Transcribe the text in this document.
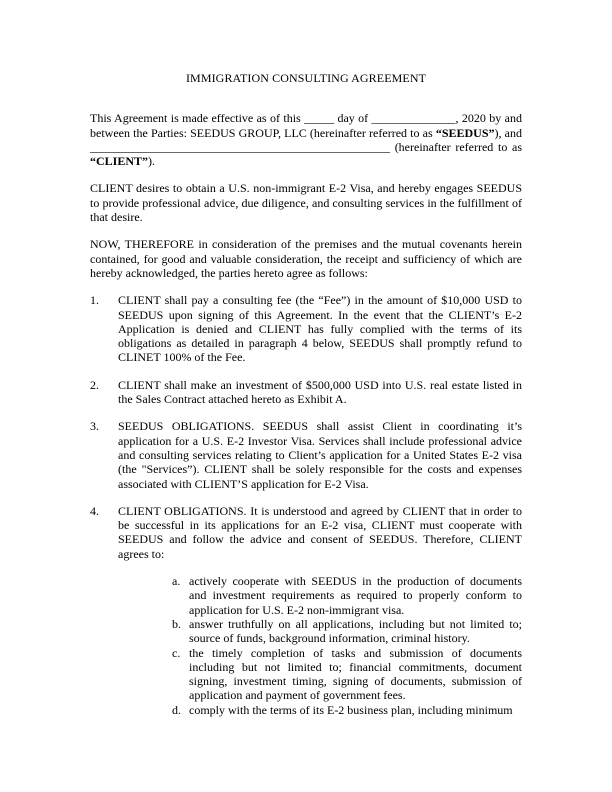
IMMIGRATION CONSULTING AGREEMENT

This Agreement is made effective as of this _____ day of ______________, 2020 by and between the Parties: SEEDUS GROUP, LLC (hereinafter referred to as “SEEDUS”), and __________________________________________________ (hereinafter referred to as “CLIENT”).

CLIENT desires to obtain a U.S. non-immigrant E-2 Visa, and hereby engages SEEDUS to provide professional advice, due diligence, and consulting services in the fulfillment of that desire.

NOW, THEREFORE in consideration of the premises and the mutual covenants herein contained, for good and valuable consideration, the receipt and sufficiency of which are hereby acknowledged, the parties hereto agree as follows:

1. CLIENT shall pay a consulting fee (the “Fee”) in the amount of $10,000 USD to SEEDUS upon signing of this Agreement. In the event that the CLIENT’s E-2 Application is denied and CLIENT has fully complied with the terms of its obligations as detailed in paragraph 4 below, SEEDUS shall promptly refund to CLINET 100% of the Fee.
2. CLIENT shall make an investment of $500,000 USD into U.S. real estate listed in the Sales Contract attached hereto as Exhibit A.
3. SEEDUS OBLIGATIONS. SEEDUS shall assist Client in coordinating it’s application for a U.S. E-2 Investor Visa. Services shall include professional advice and consulting services relating to Client’s application for a United States E-2 visa (the "Services”). CLIENT shall be solely responsible for the costs and expenses associated with CLIENT’S application for E-2 Visa.
4. CLIENT OBLIGATIONS. It is understood and agreed by CLIENT that in order to be successful in its applications for an E-2 visa, CLIENT must cooperate with SEEDUS and follow the advice and consent of SEEDUS. Therefore, CLIENT agrees to:
a. actively cooperate with SEEDUS in the production of documents and investment requirements as required to properly conform to application for U.S. E-2 non-immigrant visa.
b. answer truthfully on all applications, including but not limited to; source of funds, background information, criminal history.
c. the timely completion of tasks and submission of documents including but not limited to; financial commitments, document signing, investment timing, signing of documents, submission of application and payment of government fees.
d. comply with the terms of its E-2 business plan, including minimum
